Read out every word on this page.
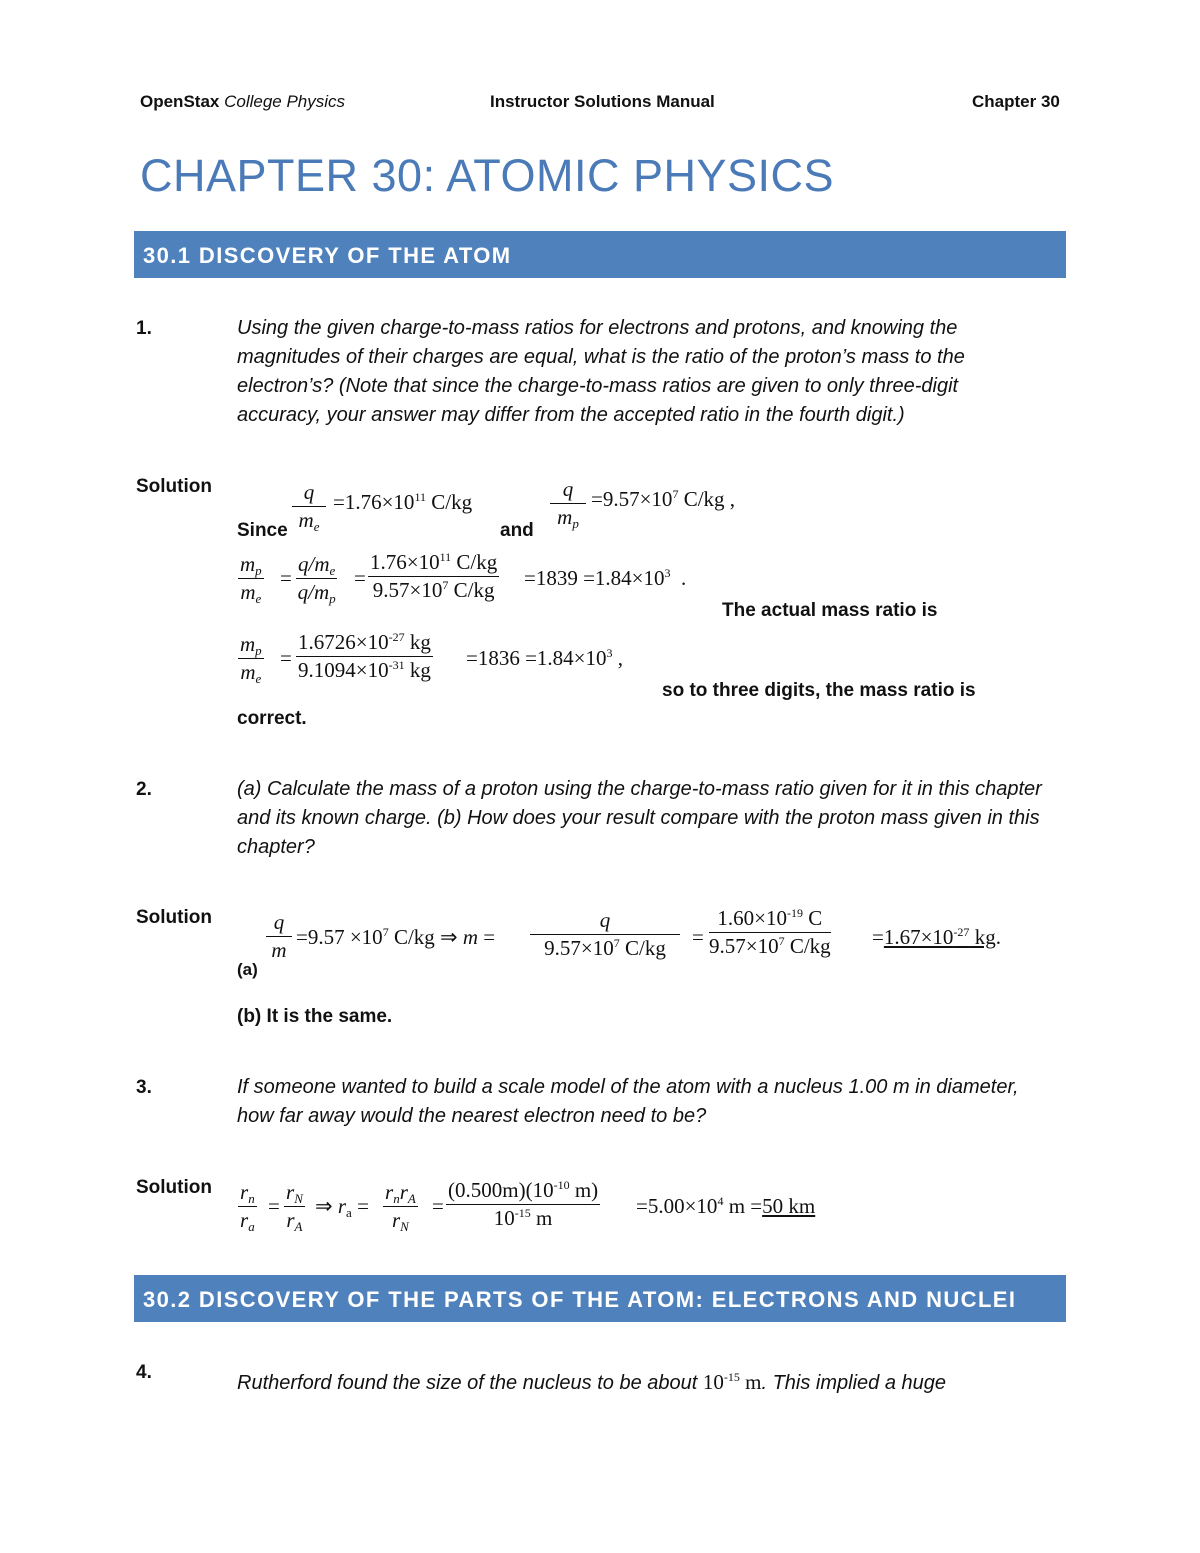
OpenStax College Physics	Instructor Solutions Manual	Chapter 30
CHAPTER 30: ATOMIC PHYSICS
30.1 DISCOVERY OF THE ATOM
1.	Using the given charge-to-mass ratios for electrons and protons, and knowing the magnitudes of their charges are equal, what is the ratio of the proton’s mass to the electron’s? (Note that since the charge-to-mass ratios are given to only three-digit accuracy, your answer may differ from the accepted ratio in the fourth digit.)
Solution
Since $\frac{q}{m_e} =1.76\times 10^{11}$ C/kg
and
$\frac{q}{m_p} =9.57\times 10^7$ C/kg ,
$\frac{m_p}{m_e} = \frac{q/m_e}{q/m_p} = \frac{1.76\times 10^{11} C/kg}{9.57\times 10^7 C/kg} =1839 =1.84\times 10^3$  .
The actual mass ratio is
$\frac{m_p}{m_e} = \frac{1.6726\times 10^{-27} kg}{9.1094\times 10^{-31} kg} =1836 =1.84\times 10^3$ ,
so to three digits, the mass ratio is
correct.
2.	(a) Calculate the mass of a proton using the charge-to-mass ratio given for it in this chapter and its known charge. (b) How does your result compare with the proton mass given in this chapter?
Solution
(a)
$\frac{q}{m} =9.57 \times 10^7$ C/kg ⇒ $m = \frac{q}{9.57\times 10^7 C/kg} = \frac{1.60\times 10^{-19} C}{9.57\times 10^7 C/kg} =1.67\times 10^{-27}$ kg.
(b) It is the same.
3.	If someone wanted to build a scale model of the atom with a nucleus 1.00 m in diameter, how far away would the nearest electron need to be?
Solution $\frac{r_n}{r_a} = \frac{r_N}{r_A}$ ⇒ $r_a$ =
$r_nr_A$
$r_N$
= $\frac{(0.500m)(10^{-10} m)}{10^{-15} m} =5.00\times 10^4$ m =50 km
30.2 DISCOVERY OF THE PARTS OF THE ATOM: ELECTRONS AND NUCLEI
4.	Rutherford found the size of the nucleus to be about $10^{-15}$ m. This implied a huge
